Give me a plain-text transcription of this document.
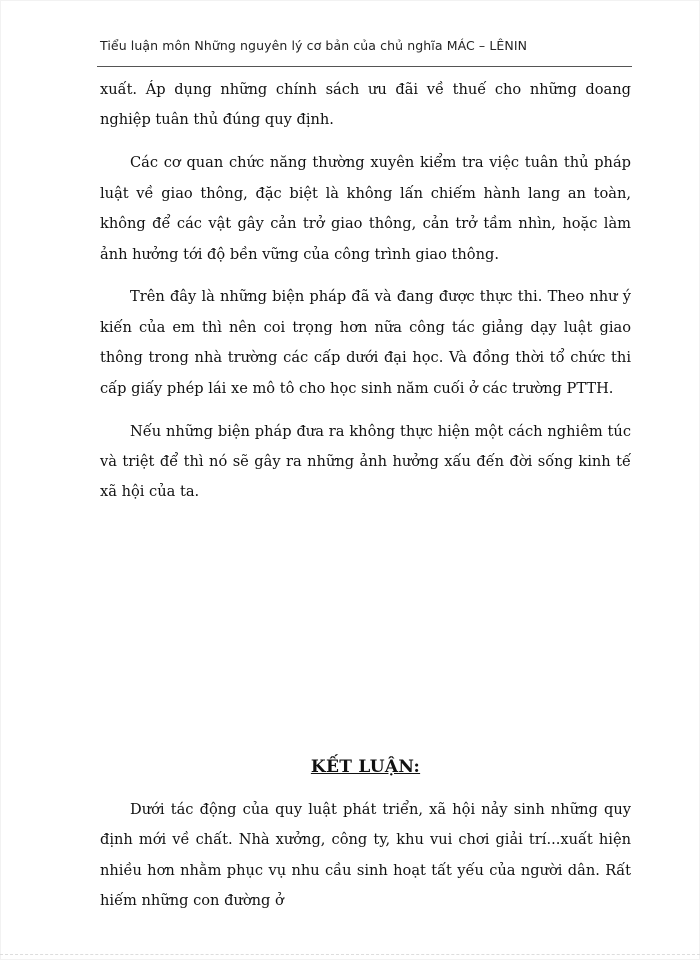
Tiểu luận môn Những nguyên lý cơ bản của chủ nghĩa MÁC – LÊNIN

xuất. Áp dụng những chính sách ưu đãi về thuế cho những doang nghiệp tuân thủ đúng quy định.

Các cơ quan chức năng thường xuyên kiểm tra việc tuân thủ pháp luật về giao thông, đặc biệt là không lấn chiếm hành lang an toàn, không để các vật gây cản trở giao thông, cản trở tầm nhìn, hoặc làm ảnh hưởng tới độ bền vững của công trình giao thông.

Trên đây là những biện pháp đã và đang được thực thi. Theo như ý kiến của em thì nên coi trọng hơn nữa công tác giảng dạy luật giao thông trong nhà trường các cấp dưới đại học. Và đồng thời tổ chức thi cấp giấy phép lái xe mô tô cho học sinh năm cuối ở các trường PTTH.

Nếu những biện pháp đưa ra không thực hiện một cách nghiêm túc và triệt để thì nó sẽ gây ra những ảnh hưởng xấu đến đời sống kinh tế xã hội của ta.

KẾT LUẬN:

Dưới tác động của quy luật phát triển, xã hội nảy sinh những quy định mới về chất. Nhà xưởng, công ty, khu vui chơi giải trí...xuất hiện nhiều hơn nhằm phục vụ nhu cầu sinh hoạt tất yếu của người dân. Rất hiếm những con đường ở
